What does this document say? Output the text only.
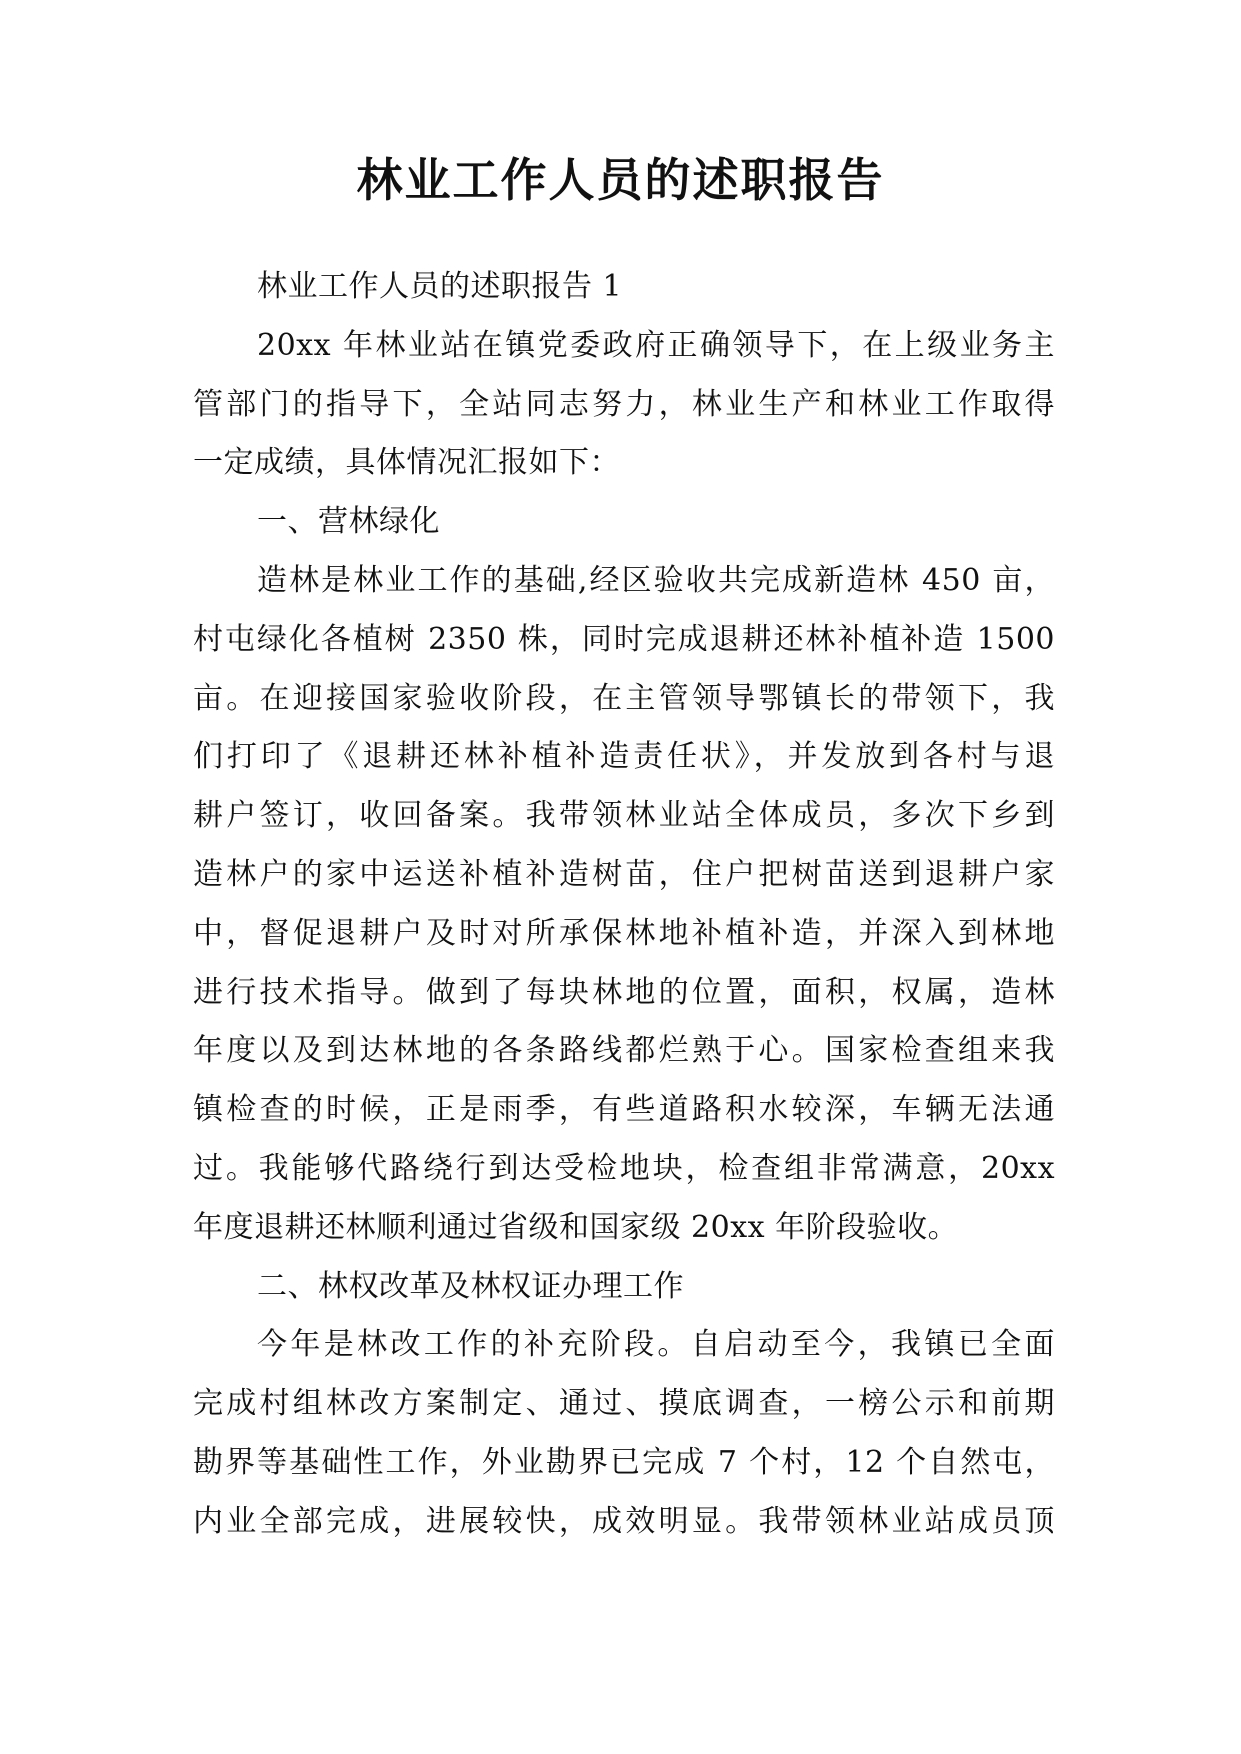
林业工作人员的述职报告
林业工作人员的述职报告 1
20xx 年林业站在镇党委政府正确领导下，在上级业务主
管部门的指导下，全站同志努力，林业生产和林业工作取得
一定成绩，具体情况汇报如下：
一、营林绿化
造林是林业工作的基础,经区验收共完成新造林 450 亩，
村屯绿化各植树 2350 株，同时完成退耕还林补植补造 1500
亩。在迎接国家验收阶段，在主管领导鄂镇长的带领下，我
们打印了《退耕还林补植补造责任状》，并发放到各村与退
耕户签订，收回备案。我带领林业站全体成员，多次下乡到
造林户的家中运送补植补造树苗，住户把树苗送到退耕户家
中，督促退耕户及时对所承保林地补植补造，并深入到林地
进行技术指导。做到了每块林地的位置，面积，权属，造林
年度以及到达林地的各条路线都烂熟于心。国家检查组来我
镇检查的时候，正是雨季，有些道路积水较深，车辆无法通
过。我能够代路绕行到达受检地块，检查组非常满意，20xx
年度退耕还林顺利通过省级和国家级 20xx 年阶段验收。
二、林权改革及林权证办理工作
今年是林改工作的补充阶段。自启动至今，我镇已全面
完成村组林改方案制定、通过、摸底调查，一榜公示和前期
勘界等基础性工作，外业勘界已完成 7 个村，12 个自然屯，
内业全部完成，进展较快，成效明显。我带领林业站成员顶
